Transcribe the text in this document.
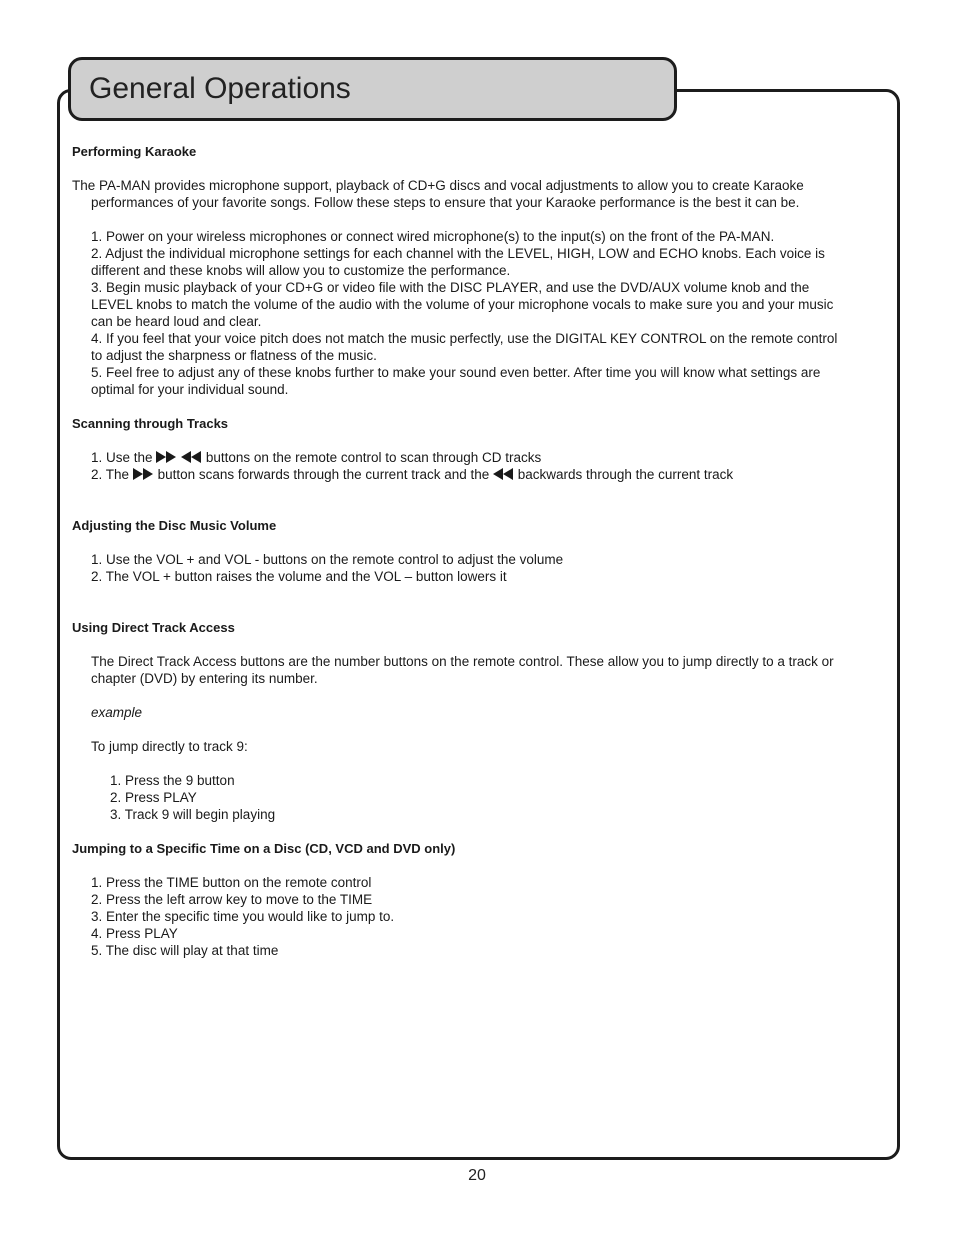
General Operations

Performing Karaoke

The PA-MAN provides microphone support, playback of CD+G discs and vocal adjustments to allow you to create Karaoke performances of your favorite songs. Follow these steps to ensure that your Karaoke performance is the best it can be.

1. Power on your wireless microphones or connect wired microphone(s) to the input(s) on the front of the PA-MAN.

2. Adjust the individual microphone settings for each channel with the LEVEL, HIGH, LOW and ECHO knobs. Each voice is different and these knobs will allow you to customize the performance.

3. Begin music playback of your CD+G or video file with the DISC PLAYER, and use the DVD/AUX volume knob and the LEVEL knobs to match the volume of the audio with the volume of your microphone vocals to make sure you and your music can be heard loud and clear.

4. If you feel that your voice pitch does not match the music perfectly, use the DIGITAL KEY CONTROL on the remote control to adjust the sharpness or flatness of the music.

5. Feel free to adjust any of these knobs further to make your sound even better. After time you will know what settings are optimal for your individual sound.

Scanning through Tracks

1. Use the	buttons on the remote control to scan through CD tracks

2. The button scans forwards through the current track and the backwards through the current track

Adjusting the Disc Music Volume

1. Use the VOL + and VOL - buttons on the remote control to adjust the volume

2. The VOL + button raises the volume and the VOL – button lowers it

Using Direct Track Access

The Direct Track Access buttons are the number buttons on the remote control. These allow you to jump directly to a track or chapter (DVD) by entering its number.

example

To jump directly to track 9:

1. Press the 9 button

2. Press PLAY

3. Track 9 will begin playing

Jumping to a Specific Time on a Disc (CD, VCD and DVD only)

1. Press the TIME button on the remote control

2. Press the left arrow key to move to the TIME

3. Enter the specific time you would like to jump to.

4. Press PLAY

5. The disc will play at that time

20
